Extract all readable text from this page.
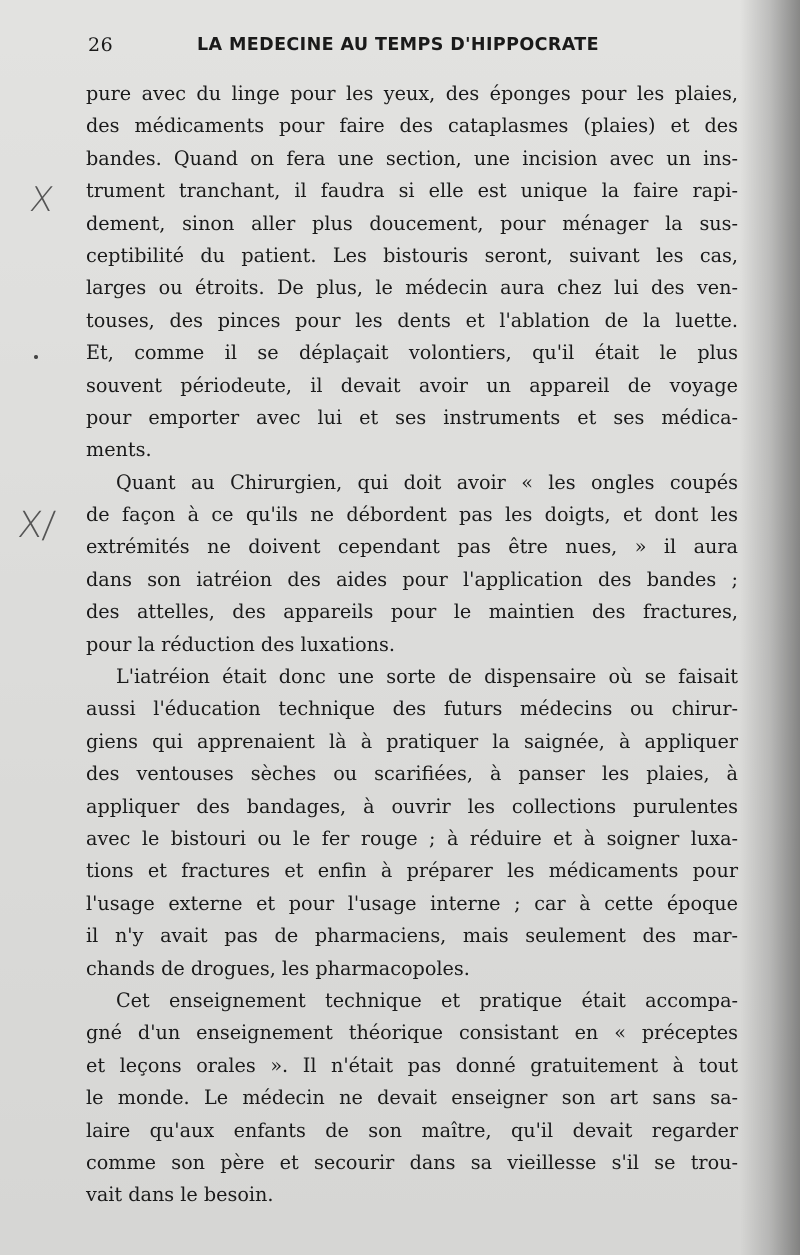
26	LA MEDECINE AU TEMPS D'HIPPOCRATE
X
X/
pure avec du linge pour les yeux, des éponges pour les plaies,
des médicaments pour faire des cataplasmes (plaies) et des
bandes. Quand on fera une section, une incision avec un ins-
trument tranchant, il faudra si elle est unique la faire rapi-
dement, sinon aller plus doucement, pour ménager la sus-
ceptibilité du patient. Les bistouris seront, suivant les cas,
larges ou étroits. De plus, le médecin aura chez lui des ven-
touses, des pinces pour les dents et l'ablation de la luette.
Et, comme il se déplaçait volontiers, qu'il était le plus
souvent périodeute, il devait avoir un appareil de voyage
pour emporter avec lui et ses instruments et ses médica-
ments.
Quant au Chirurgien, qui doit avoir « les ongles coupés
de façon à ce qu'ils ne débordent pas les doigts, et dont les
extrémités ne doivent cependant pas être nues, » il aura
dans son iatréion des aides pour l'application des bandes ;
des attelles, des appareils pour le maintien des fractures,
pour la réduction des luxations.
L'iatréion était donc une sorte de dispensaire où se faisait
aussi l'éducation technique des futurs médecins ou chirur-
giens qui apprenaient là à pratiquer la saignée, à appliquer
des ventouses sèches ou scarifiées, à panser les plaies, à
appliquer des bandages, à ouvrir les collections purulentes
avec le bistouri ou le fer rouge ; à réduire et à soigner luxa-
tions et fractures et enfin à préparer les médicaments pour
l'usage externe et pour l'usage interne ; car à cette époque
il n'y avait pas de pharmaciens, mais seulement des mar-
chands de drogues, les pharmacopoles.
Cet enseignement technique et pratique était accompa-
gné d'un enseignement théorique consistant en « préceptes
et leçons orales ». Il n'était pas donné gratuitement à tout
le monde. Le médecin ne devait enseigner son art sans sa-
laire qu'aux enfants de son maître, qu'il devait regarder
comme son père et secourir dans sa vieillesse s'il se trou-
vait dans le besoin.
